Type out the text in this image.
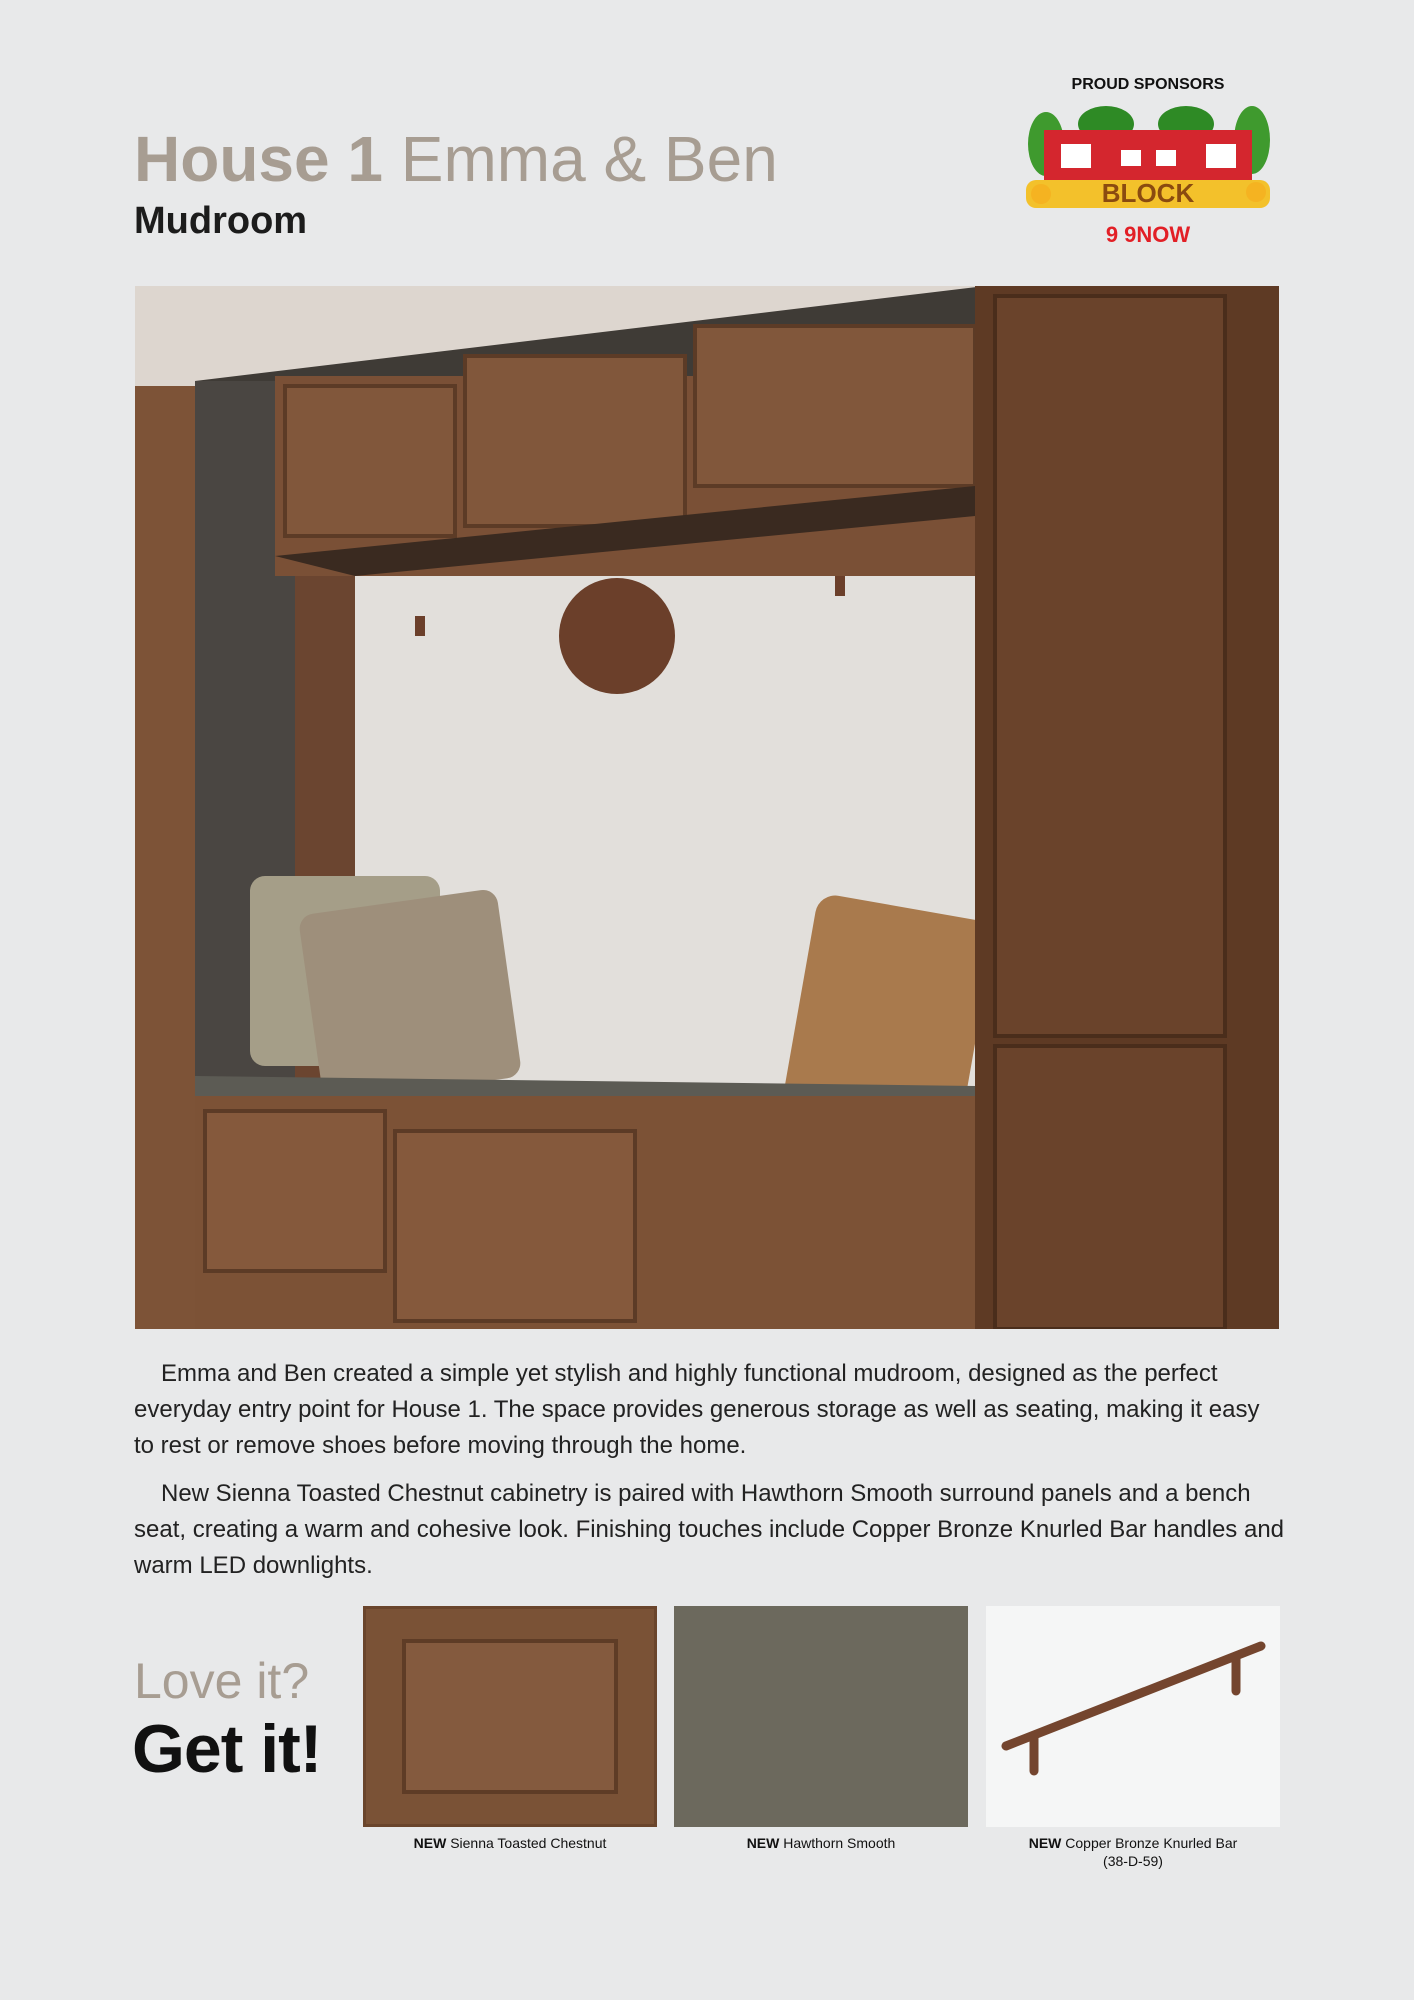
House 1 Emma & Ben
Mudroom
PROUD SPONSORS
BLOCK
9 9NOW

Emma and Ben created a simple yet stylish and highly functional mudroom, designed as the perfect everyday entry point for House 1. The space provides generous storage as well as seating, making it easy to rest or remove shoes before moving through the home.

New Sienna Toasted Chestnut cabinetry is paired with Hawthorn Smooth surround panels and a bench seat, creating a warm and cohesive look. Finishing touches include Copper Bronze Knurled Bar handles and warm LED downlights.

Love it?
Get it!
NEW Sienna Toasted Chestnut	NEW Hawthorn Smooth	NEW Copper Bronze Knurled Bar
(38-D-59)
